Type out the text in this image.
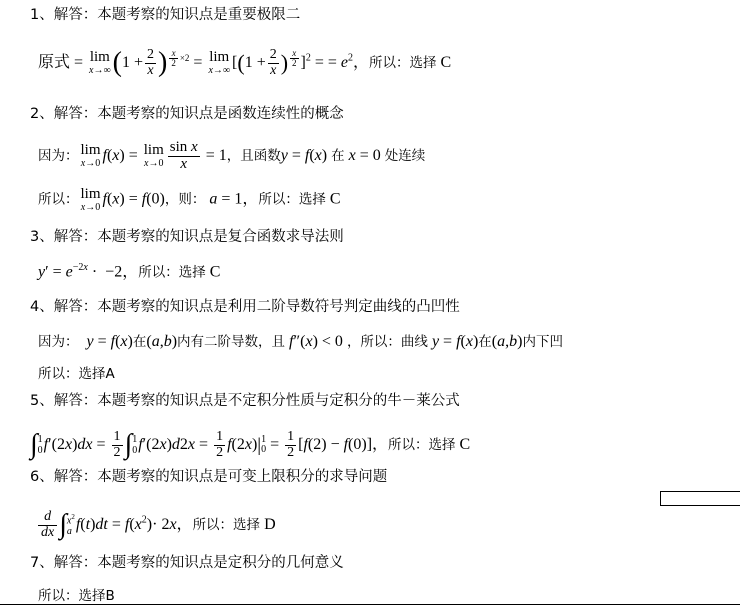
1、解答：本题考察的知识点是重要极限二
原式 = lim
x→∞ ($1 + \frac{2}{x}$ ) $^{\frac{x}{2} \times 2}$ = lim
x→∞ [($1 + \frac{2}{x}$ ) $^{\frac{x}{2}}$ ]$^2$ = = $e^2$，所以：选择 C
2、解答：本题考察的知识点是函数连续性的概念
因为： lim
x→0 f(x) = lim
$x\to 0 \frac{\text{sin x}}{x} = 1$，且函数y = f(x) 在 x = 0 处连续
所以： lim
x→0 f(x) = f(0)，则： a = 1，所以：选择 C
3、解答：本题考察的知识点是复合函数求导法则
$y' = e^{-2x} \cdot -2$，所以：选择 C
4、解答：本题考察的知识点是利用二阶导数符号判定曲线的凸凹性
因为： y = f(x)在(a,b)内有二阶导数，且 f″(x) < 0 ，所以：曲线 y = f(x)在(a,b)内下凹
所以：选择A
5、解答：本题考察的知识点是不定积分性质与定积分的牛－莱公式
∫ 1
0 $f'(2x)dx = \frac{1}{2}$ ∫ 1
0 $f'(2x)d2x = \frac{1}{2} f(2x)|$ 1
$0 = \frac{1}{2} [f(2) - f(0)]$，所以：选择 C
6、解答：本题考察的知识点是可变上限积分的求导问题
$\frac{d}{dx}$ ∫ $x^2$
a $f(t)dt = f(x^2)\cdot 2x$，所以：选择 D
7、解答：本题考察的知识点是定积分的几何意义
所以：选择B
